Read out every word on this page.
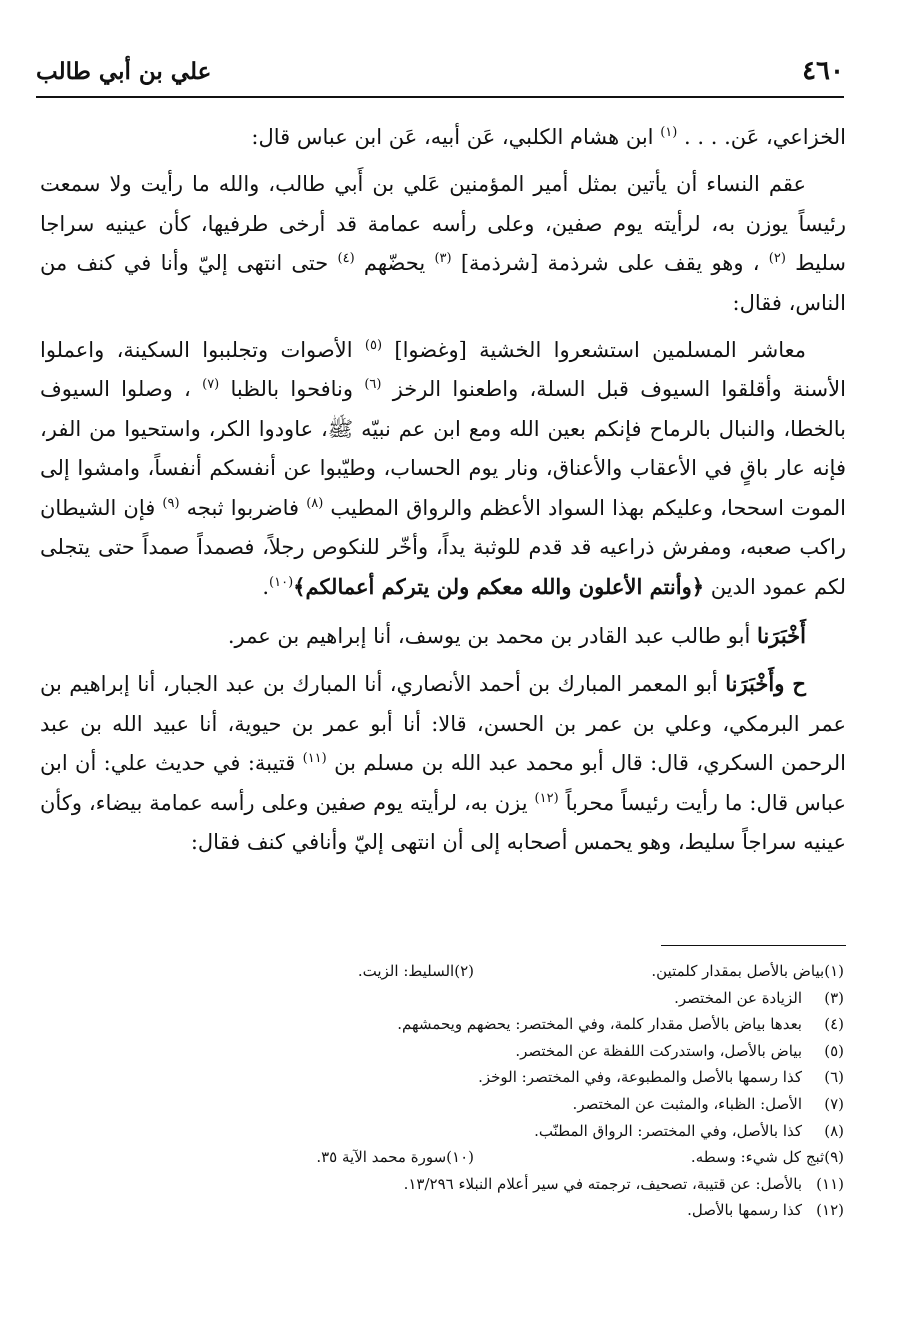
٤٦٠
علي بن أبي طالب

الخزاعي، عَن. . . . $^{(١)}$ ابن هشام الكلبي، عَن أبيه، عَن ابن عباس قال:

عقم النساء أن يأتين بمثل أمير المؤمنين عَلي بن أَبي طالب، والله ما رأيت ولا سمعت رئيساً يوزن به، لرأيته يوم صفين، وعلى رأسه عمامة قد أرخى طرفيها، كأن عينيه سراجا سليط $^{(٢)}$ ، وهو يقف على شرذمة [شرذمة] $^{(٣)}$ يحضّهم $^{(٤)}$ حتى انتهى إليّ وأنا في كنف من الناس، فقال:

معاشر المسلمين استشعروا الخشية [وغضوا] $^{(٥)}$ الأصوات وتجلببوا السكينة، واعملوا الأسنة وأقلقوا السيوف قبل السلة، واطعنوا الرخز $^{(٦)}$ ونافحوا بالظبا $^{(٧)}$ ، وصلوا السيوف بالخطا، والنبال بالرماح فإنكم بعين الله ومع ابن عم نبيّه ﷺ، عاودوا الكر، واستحيوا من الفر، فإنه عار باقٍ في الأعقاب والأعناق، ونار يوم الحساب، وطيّبوا عن أنفسكم أنفساً، وامشوا إلى الموت اسححا، وعليكم بهذا السواد الأعظم والرواق المطيب $^{(٨)}$ فاضربوا ثبجه $^{(٩)}$ فإن الشيطان راكب صعبه، ومفرش ذراعيه قد قدم للوثبة يداً، وأخّر للنكوص رجلاً، فصمداً صمداً حتى يتجلى لكم عمود الدين ﴿وأنتم الأعلون والله معكم ولن يتركم أعمالكم﴾$^{(١٠)}$.

أَخْبَرَنا أبو طالب عبد القادر بن محمد بن يوسف، أنا إبراهيم بن عمر.

ح وأَخْبَرَنا أبو المعمر المبارك بن أحمد الأنصاري، أنا المبارك بن عبد الجبار، أنا إبراهيم بن عمر البرمكي، وعلي بن عمر بن الحسن، قالا: أنا أبو عمر بن حيوية، أنا عبيد الله بن عبد الرحمن السكري، قال: قال أبو محمد عبد الله بن مسلم بن $^{(١١)}$ قتيبة: في حديث علي: أن ابن عباس قال: ما رأيت رئيساً محرباً $^{(١٢)}$ يزن به، لرأيته يوم صفين وعلى رأسه عمامة بيضاء، وكأن عينيه سراجاً سليط، وهو يحمس أصحابه إلى أن انتهى إليّ وأنافي كنف فقال:

(١)بياض بالأصل بمقدار كلمتين.
(٢)السليط: الزيت.
(٣)الزيادة عن المختصر.
(٤)بعدها بياض بالأصل مقدار كلمة، وفي المختصر: يحضهم ويحمشهم.
(٥)بياض بالأصل، واستدركت اللفظة عن المختصر.
(٦)كذا رسمها بالأصل والمطبوعة، وفي المختصر: الوخز.
(٧)الأصل: الظباء، والمثبت عن المختصر.
(٨)كذا بالأصل، وفي المختصر: الرواق المطنّب.
(٩)ثبج كل شيء: وسطه.
(١٠)سورة محمد الآية ٣٥.
(١١)بالأصل: عن قتيبة، تصحيف، ترجمته في سير أعلام النبلاء ١٣/٢٩٦.
(١٢)كذا رسمها بالأصل.
